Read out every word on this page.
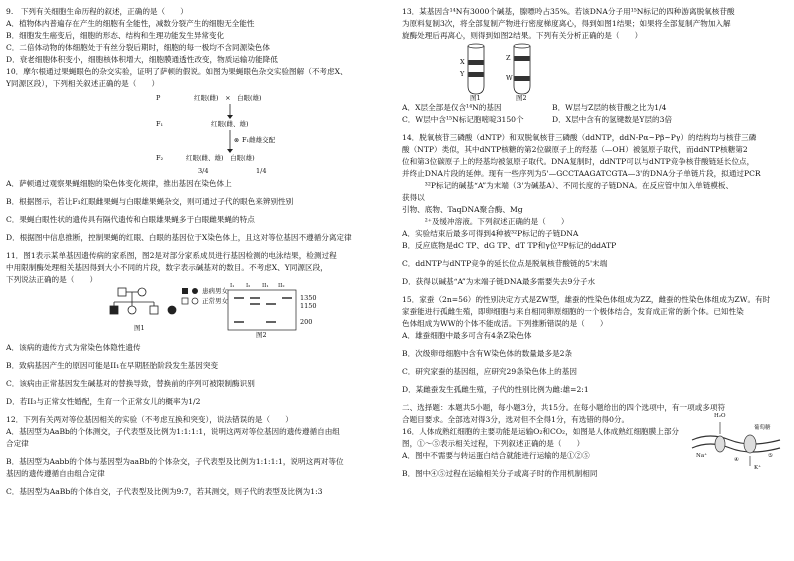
9.　下列有关细胞生命历程的叙述，正确的是（　　）
A．植物体内普遍存在产生的细胞有全能性，减数分裂产生的细胞无全能性
B．细胞发生癌变后，细胞的形态、结构和生理功能发生异常变化
C．二倍体动物的体细胞处于有丝分裂后期时，细胞的每一极均不含同源染色体
D．衰老细胞体积变小，细胞核体积增大，细胞膜通透性改变，物质运输功能降低
10．摩尔根通过果蝇眼色的杂交实验，证明了萨顿的假说。如图为果蝇眼色杂交实验图解（不考虑X、
Y同源区段），下列相关叙述正确的是（　　）
P	红眼(雌)　×　白眼(雄)
F₁	红眼(雌、雄)
F₁雌雄交配
F₂	红眼(雌、雄)　白眼(雄)
3/4	1/4
⊗
A．萨顿通过观察果蝇细胞的染色体变化规律，推出基因在染色体上
B．根据图示，若让F₁红眼雌果蝇与白眼雄果蝇杂交，则可通过子代的眼色来辨别性别
C．果蝇白眼性状的遗传具有隔代遗传和白眼雄果蝇多于白眼雌果蝇的特点
D．根据图中信息推断，控制果蝇的红眼、白眼的基因位于X染色体上，且这对等位基因不遵循分离定律
11．图1表示某单基因遗传病的家系图，图2是对部分家系成员进行基因检测的电泳结果，检测过程
中用限制酶处理相关基因得到大小不同的片段，数字表示碱基对的数目。不考虑X、Y同源区段，
下列说法正确的是（　　）
患病男女
正常男女	1350
1150
200
图1
图2
I₁ I₂ II₁ II₂
A．该病的遗传方式为常染色体隐性遗传
B．致病基因产生的原因可能是II₁在早期胚胎阶段发生基因突变
C．该病由正常基因发生碱基对的替换导致，替换前的序列可被限制酶识别
D．若II₃与正常女性婚配，生育一个正常女儿的概率为1/2
12．下列有关两对等位基因相关的实验（不考虑互换和突变），说法错误的是（　　）
A．基因型为AaBb的个体测交，子代表型及比例为1:1:1:1，说明这两对等位基因的遗传遵循自由组
合定律
B．基因型为Aabb的个体与基因型为aaBb的个体杂交，子代表型及比例为1:1:1:1，说明这两对等位
基因的遗传遵循自由组合定律
C．基因型为AaBb的个体自交，子代表型及比例为9:7，若其测交，则子代的表型及比例为1:3
13．某基因含¹⁴N有3000个碱基，腺嘌呤占35%。若该DNA分子用¹⁵N标记的四种游离脱氧核苷酸
为原料复制3次，将全部复制产物进行密度梯度离心，得到如图1结果；如果将全部复制产物加入解
旋酶处理后再离心，则得到如图2结果。下列有关分析正确的是（　　）
X
Y
Z
W
图1	图2
A．X层全部是仅含¹⁴N的基因	B．W层与Z层的核苷酸之比为1/4
C．W层中含¹⁵N标记胞嘧啶3150个	D．X层中含有的氢键数是Y层的3倍
14．脱氧核苷三磷酸（dNTP）和双脱氧核苷三磷酸（ddNTP，ddN-Pα~Pβ~Pγ）的结构均与核苷三磷
酸（NTP）类似，其中dNTP核糖的第2位碳原子上的羟基（—OH）被氢原子取代，而ddNTP核糖第2
位和第3位碳原子上的羟基均被氢原子取代。DNA复制时，ddNTP可以与dNTP竞争核苷酸链延长位点，
并终止DNA片段的延伸。现有一些序列为5'—GCCTAAGATCGTA—3'的DNA分子单链片段，拟通过PCR
　　　³²P标记的碱基“A”为末端（3'为碱基A）、不同长度的子链DNA。在反应管中加入单链模板、
获得以
引物、底物、TaqDNA聚合酶、Mg
　　　²⁺及缓冲溶液。下列叙述正确的是（　　）
A．实验结束后最多可得到4种被³²P标记的子链DNA
B．反应底物是dC TP、dG TP、dT TP和γ位³²P标记的ddATP
C．ddNTP与dNTP竞争的延长位点是脱氧核苷酸链的5'末端
D．获得以碱基“A”为末端子链DNA最多需要失去9分子水
15．家蚕（2n=56）的性别决定方式是ZW型，雄蚕的性染色体组成为ZZ，雌蚕的性染色体组成为ZW。有时
家蚕能进行孤雌生殖，即卵细胞与来自相同卵原细胞的一个极体结合，发育成正常的新个体。已知性染
色体组成为WW的个体不能成活。下列推断错误的是（　　）
A．雄蚕细胞中最多可含有4条Z染色体
B．次级卵母细胞中含有W染色体的数量最多是2条
C．研究家蚕的基因组，应研究29条染色体上的基因
D．某雌蚕发生孤雌生殖，子代的性别比例为雌:雄=2:1
二、选择题：本题共5小题，每小题3分，共15分。在每小题给出的四个选项中，有一项或多项符
合题目要求。全部选对得3分，选对但不全得1分，有选错的得0分。
16．人体成熟红细胞的主要功能是运输O₂和CO₂，如图是人体成熟红细胞膜上部分
图，①～⑤表示相关过程，下列叙述正确的是（　　）
A．图中不需要与转运蛋白结合就能进行运输的是①②⑤
B．图中④⑤过程在运输相关分子或离子时的作用机制相同
H₂O
Na⁺
K⁺
葡萄糖
④
⑤
